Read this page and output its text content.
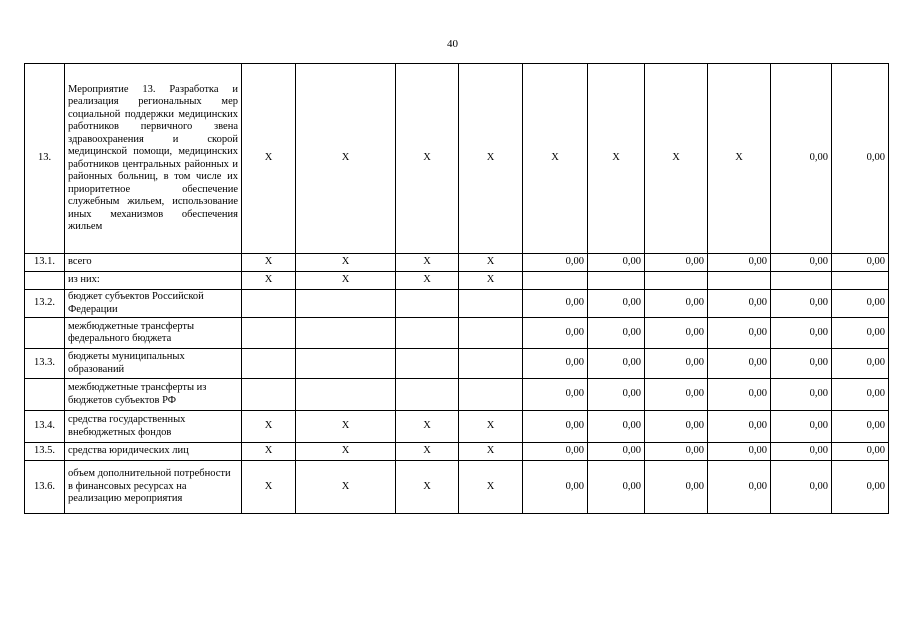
40
13.	Мероприятие 13. Разработка и реализация региональных мер социальной поддержки медицинских работников первичного звена здравоохранения и скорой медицинской помощи, медицинских работников центральных районных и районных больниц, в том числе их приоритетное обеспечение служебным жильем, использование иных механизмов обеспечения жильем	X	X	X	X	X	X	X	X	0,00	0,00
13.1.	всего	X	X	X	X	0,00	0,00	0,00	0,00	0,00	0,00
	из них:	X	X	X	X						
13.2.	бюджет субъектов Российской Федерации					0,00	0,00	0,00	0,00	0,00	0,00
	межбюджетные трансферты федерального бюджета					0,00	0,00	0,00	0,00	0,00	0,00
13.3.	бюджеты муниципальных образований					0,00	0,00	0,00	0,00	0,00	0,00
	межбюджетные трансферты из бюджетов субъектов РФ					0,00	0,00	0,00	0,00	0,00	0,00
13.4.	средства государственных внебюджетных фондов	X	X	X	X	0,00	0,00	0,00	0,00	0,00	0,00
13.5.	средства юридических лиц	X	X	X	X	0,00	0,00	0,00	0,00	0,00	0,00
13.6.	объем дополнительной потребности в финансовых ресурсах на реализацию мероприятия	X	X	X	X	0,00	0,00	0,00	0,00	0,00	0,00
